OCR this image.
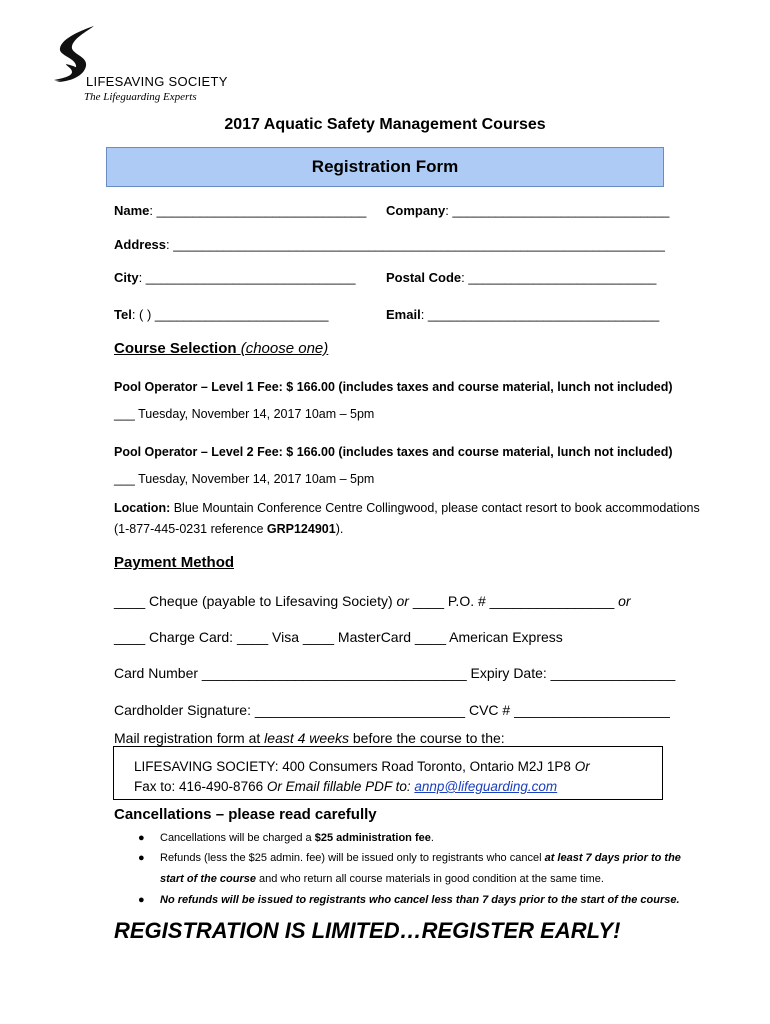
LIFESAVING SOCIETY
The Lifeguarding Experts
2017 Aquatic Safety Management Courses
Registration Form
Name: _____________________________ Company: ______________________________
Address: ____________________________________________________________________
City: _____________________________ Postal Code: __________________________
Tel: ( ) ________________________	Email: ________________________________
Course Selection (choose one)
Pool Operator – Level 1 Fee: $ 166.00 (includes taxes and course material, lunch not included)
___ Tuesday, November 14, 2017 10am – 5pm
Pool Operator – Level 2 Fee: $ 166.00 (includes taxes and course material, lunch not included)
___ Tuesday, November 14, 2017 10am – 5pm
Location: Blue Mountain Conference Centre Collingwood, please contact resort to book accommodations
(1-877-445-0231 reference GRP124901).
Payment Method
____ Cheque (payable to Lifesaving Society) or ____ P.O. # ________________ or
____ Charge Card: ____ Visa ____ MasterCard ____ American Express
Card Number __________________________________ Expiry Date: ________________
Cardholder Signature: ___________________________ CVC # ____________________
Mail registration form at least 4 weeks before the course to the:
LIFESAVING SOCIETY: 400 Consumers Road Toronto, Ontario M2J 1P8 Or
Fax to: 416-490-8766 Or Email fillable PDF to: annp@lifeguarding.com
Cancellations – please read carefully
● Cancellations will be charged a $25 administration fee.
● Refunds (less the $25 admin. fee) will be issued only to registrants who cancel at least 7 days prior to the
start of the course and who return all course materials in good condition at the same time.
● No refunds will be issued to registrants who cancel less than 7 days prior to the start of the course.
REGISTRATION IS LIMITED…REGISTER EARLY!
